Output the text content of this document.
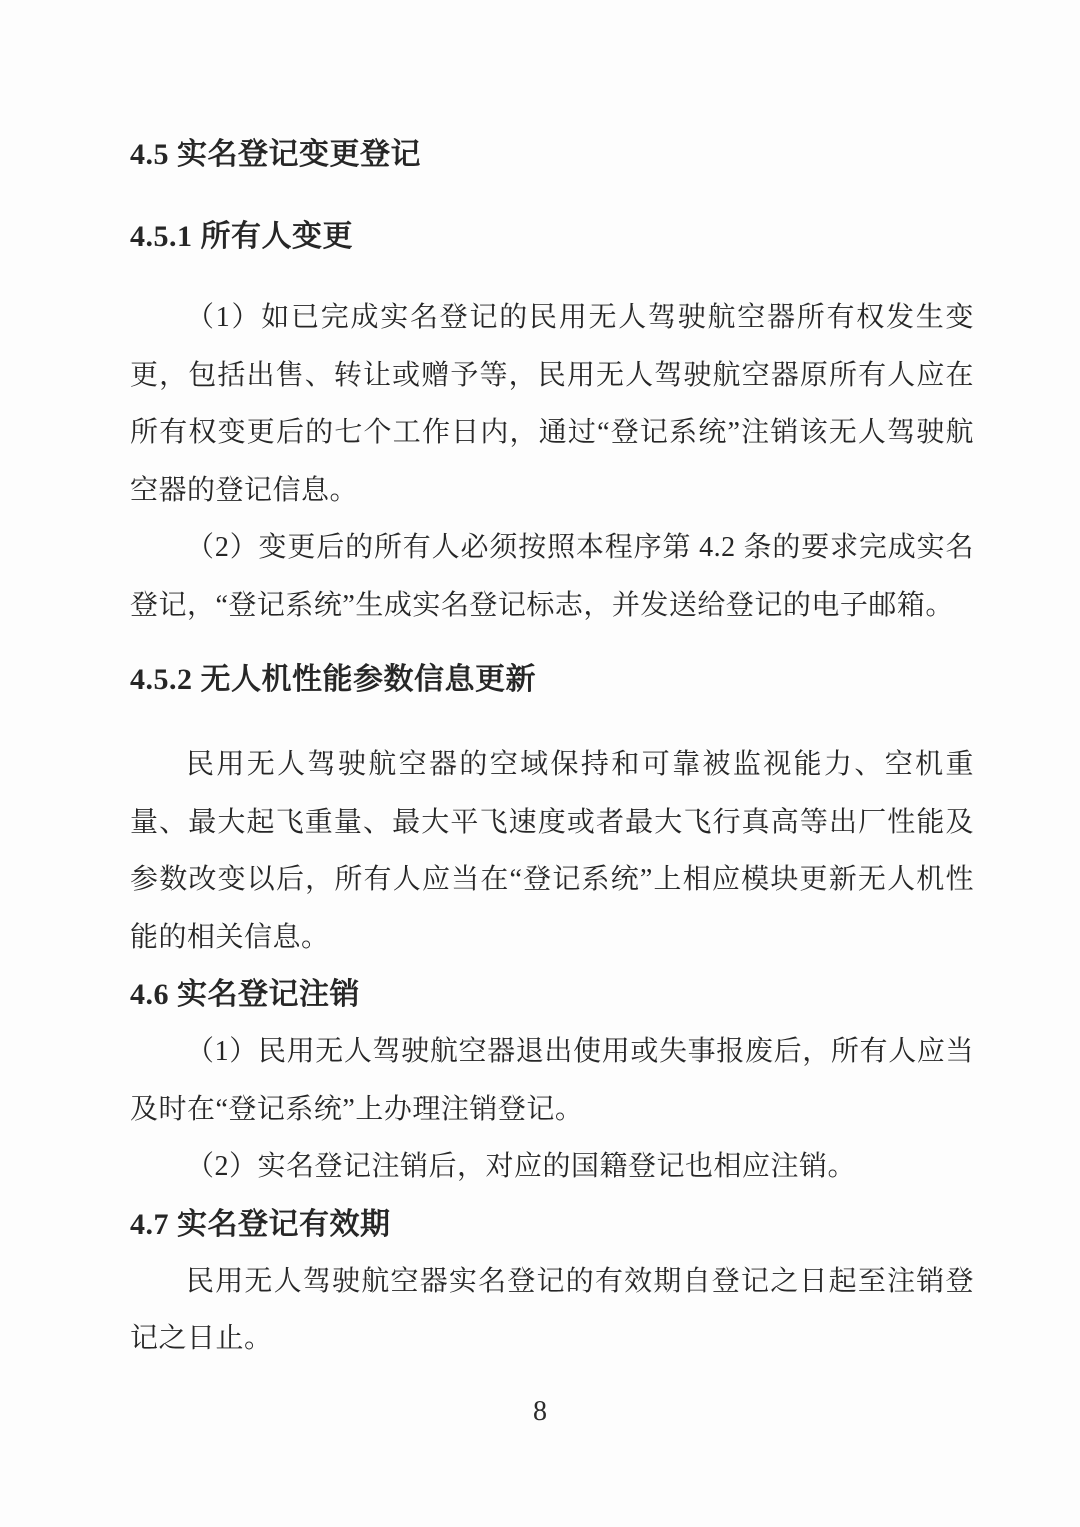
4.5 实名登记变更登记
4.5.1 所有人变更

（1）如已完成实名登记的民用无人驾驶航空器所有权发生变更，包括出售、转让或赠予等，民用无人驾驶航空器原所有人应在所有权变更后的七个工作日内，通过“登记系统”注销该无人驾驶航空器的登记信息。

（2）变更后的所有人必须按照本程序第 4.2 条的要求完成实名登记，“登记系统”生成实名登记标志，并发送给登记的电子邮箱。

4.5.2 无人机性能参数信息更新

民用无人驾驶航空器的空域保持和可靠被监视能力、空机重量、最大起飞重量、最大平飞速度或者最大飞行真高等出厂性能及参数改变以后，所有人应当在“登记系统”上相应模块更新无人机性能的相关信息。

4.6 实名登记注销

（1）民用无人驾驶航空器退出使用或失事报废后，所有人应当及时在“登记系统”上办理注销登记。

（2）实名登记注销后，对应的国籍登记也相应注销。

4.7 实名登记有效期

民用无人驾驶航空器实名登记的有效期自登记之日起至注销登记之日止。

8
